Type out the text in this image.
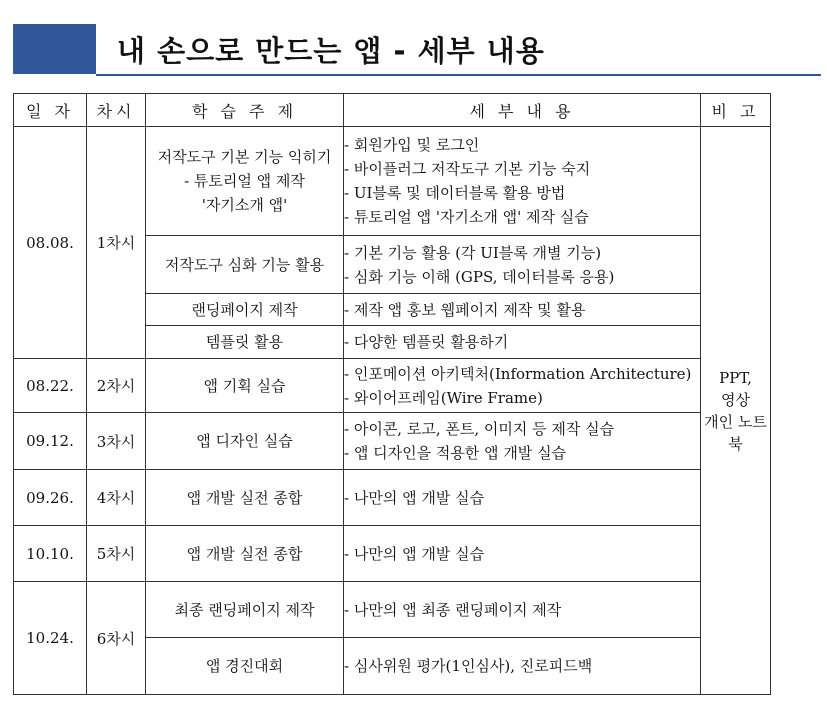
내 손으로 만드는 앱 - 세부 내용
일 자	차시	학 습 주 제	세 부 내 용	비 고
08.08.	1차시	저작도구 기본 기능 익히기
- 튜토리얼 앱 제작
'자기소개 앱'	- 회원가입 및 로그인
- 바이플러그 저작도구 기본 기능 숙지
- UI블록 및 데이터블록 활용 방법
- 튜토리얼 앱 '자기소개 앱' 제작 실습	PPT,
영상
개인 노트북

		저작도구 심화 기능 활용	- 기본 기능 활용 (각 UI블록 개별 기능)
- 심화 기능 이해 (GPS, 데이터블록 응용)	

		랜딩페이지 제작	- 제작 앱 홍보 웹페이지 제작 및 활용	

		템플릿 활용	- 다양한 템플릿 활용하기	

08.22.	2차시	앱 기획 실습	- 인포메이션 아키텍처(Information Architecture)
- 와이어프레임(Wire Frame)	

09.12.	3차시	앱 디자인 실습	- 아이콘, 로고, 폰트, 이미지 등 제작 실습
- 앱 디자인을 적용한 앱 개발 실습	

09.26.	4차시	앱 개발 실전 종합	- 나만의 앱 개발 실습	

10.10.	5차시	앱 개발 실전 종합	- 나만의 앱 개발 실습	

10.24.	6차시	최종 랜딩페이지 제작	- 나만의 앱 최종 랜딩페이지 제작	

		앱 경진대회	- 심사위원 평가(1인심사), 진로피드백	
